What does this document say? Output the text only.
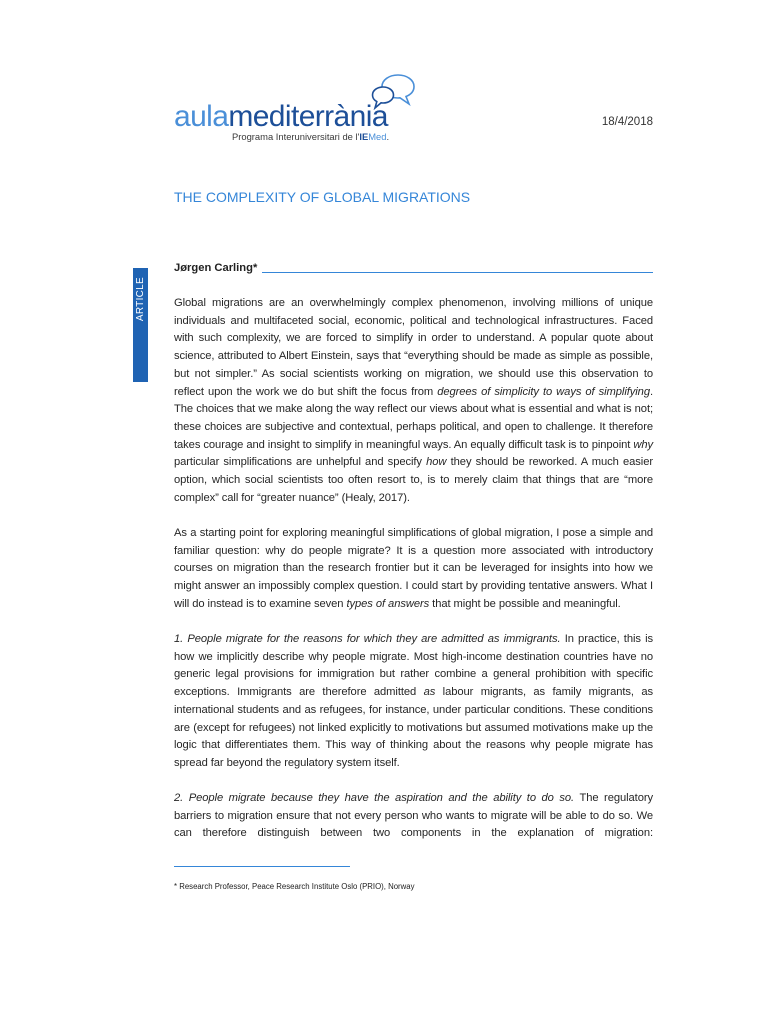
aulamediterrània
Programa Interuniversitari de l'IEMed.
18/4/2018
THE COMPLEXITY OF GLOBAL MIGRATIONS
ARTICLE
Jørgen Carling*

Global migrations are an overwhelmingly complex phenomenon, involving millions of unique individuals and multifaceted social, economic, political and technological infrastructures. Faced with such complexity, we are forced to simplify in order to understand. A popular quote about science, attributed to Albert Einstein, says that “everything should be made as simple as possible, but not simpler.” As social scientists working on migration, we should use this observation to reflect upon the work we do but shift the focus from degrees of simplicity to ways of simplifying. The choices that we make along the way reflect our views about what is essential and what is not; these choices are subjective and contextual, perhaps political, and open to challenge. It therefore takes courage and insight to simplify in meaningful ways. An equally difficult task is to pinpoint why particular simplifications are unhelpful and specify how they should be reworked. A much easier option, which social scientists too often resort to, is to merely claim that things that are “more complex” call for “greater nuance” (Healy, 2017).

As a starting point for exploring meaningful simplifications of global migration, I pose a simple and familiar question: why do people migrate? It is a question more associated with introductory courses on migration than the research frontier but it can be leveraged for insights into how we might answer an impossibly complex question. I could start by providing tentative answers. What I will do instead is to examine seven types of answers that might be possible and meaningful.

1. People migrate for the reasons for which they are admitted as immigrants. In practice, this is how we implicitly describe why people migrate. Most high-income destination countries have no generic legal provisions for immigration but rather combine a general prohibition with specific exceptions. Immigrants are therefore admitted as labour migrants, as family migrants, as international students and as refugees, for instance, under particular conditions. These conditions are (except for refugees) not linked explicitly to motivations but assumed motivations make up the logic that differentiates them. This way of thinking about the reasons why people migrate has spread far beyond the regulatory system itself.

2. People migrate because they have the aspiration and the ability to do so. The regulatory barriers to migration ensure that not every person who wants to migrate will be able to do so. We can therefore distinguish between two components in the explanation of migration:

* Research Professor, Peace Research Institute Oslo (PRIO), Norway
